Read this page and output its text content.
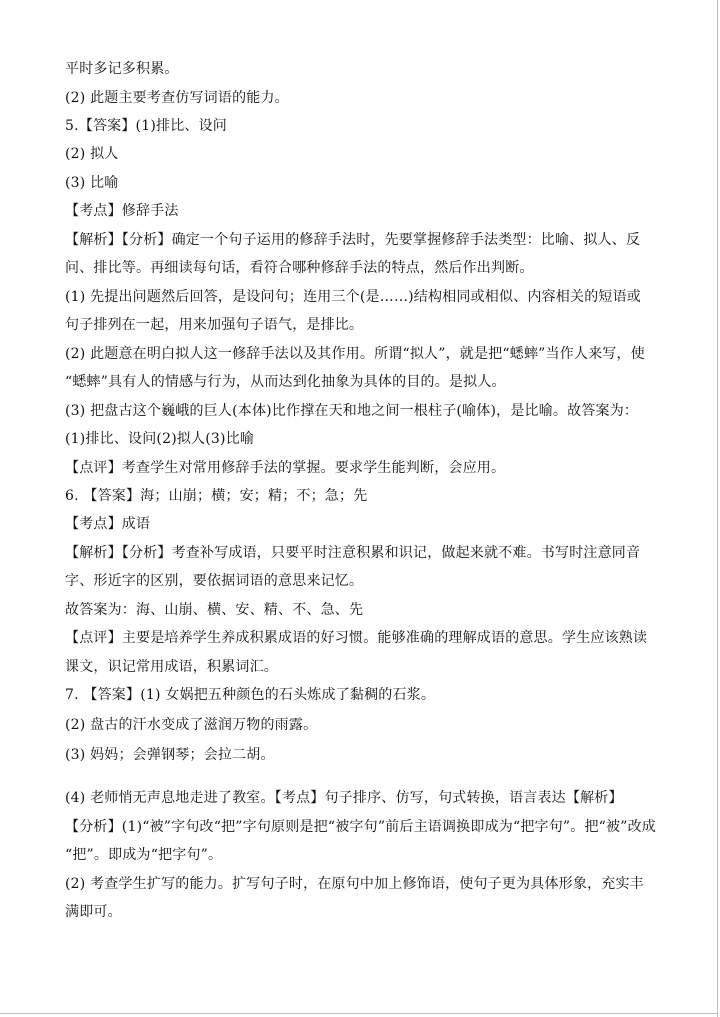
平时多记多积累。
(2) 此题主要考查仿写词语的能力。
5.【答案】(1)排比、设问
(2) 拟人
(3) 比喻
【考点】修辞手法
【解析】【分析】确定一个句子运用的修辞手法时，先要掌握修辞手法类型：比喻、拟人、反
问、排比等。再细读每句话，看符合哪种修辞手法的特点，然后作出判断。
(1) 先提出问题然后回答，是设问句；连用三个(是……)结构相同或相似、内容相关的短语或
句子排列在一起，用来加强句子语气，是排比。
(2) 此题意在明白拟人这一修辞手法以及其作用。所谓“拟人”，就是把“蟋蟀”当作人来写，使
“蟋蟀”具有人的情感与行为，从而达到化抽象为具体的目的。是拟人。
(3) 把盘古这个巍峨的巨人(本体)比作撑在天和地之间一根柱子(喻体)，是比喻。故答案为：
(1)排比、设问(2)拟人(3)比喻
【点评】考查学生对常用修辞手法的掌握。要求学生能判断，会应用。
6. 【答案】海；山崩；横；安；精；不；急；先
【考点】成语
【解析】【分析】考查补写成语，只要平时注意积累和识记，做起来就不难。书写时注意同音
字、形近字的区别，要依据词语的意思来记忆。
故答案为：海、山崩、横、安、精、不、急、先
【点评】主要是培养学生养成积累成语的好习惯。能够准确的理解成语的意思。学生应该熟读
课文，识记常用成语，积累词汇。
7. 【答案】(1) 女娲把五种颜色的石头炼成了黏稠的石浆。
(2) 盘古的汗水变成了滋润万物的雨露。
(3) 妈妈；会弹钢琴；会拉二胡。
(4) 老师悄无声息地走进了教室。【考点】句子排序、仿写，句式转换，语言表达【解析】
【分析】(1)“被”字句改“把”字句原则是把“被字句”前后主语调换即成为“把字句”。把“被”改成
“把”。即成为“把字句”。
(2) 考查学生扩写的能力。扩写句子时，在原句中加上修饰语，使句子更为具体形象，充实丰
满即可。
